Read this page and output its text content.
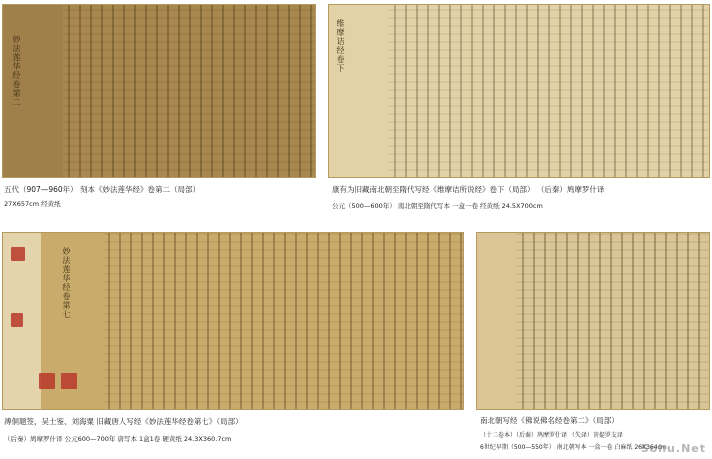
妙法莲华经卷第二
五代（907—960年） 刻本《妙法莲华经》卷第二（局部）
27X657cm 经黄纸
维摩诘经卷下
康有为旧藏南北朝至隋代写经《维摩诘所说经》卷下（局部） （后秦）鸠摩罗什译
公元（500—600年） 南北朝至隋代写本 一盒一卷 经黄纸 24.5X700cm
妙法莲华经卷第七
溥侗题签，吴士鉴、刘海粟 旧藏唐人写经《妙法莲华经卷第七》（局部）
（后秦）鸠摩罗什译 公元600—700年 唐写本 1盒1卷 硬黄纸 24.3X360.7cm
南北朝写经《佛说佛名经卷第二》（局部）
（十二卷本）（后秦）鸠摩罗什译 （失译）菩提罗支译
6世纪早期（500—550年） 南北朝写本 一盒一卷 白麻纸 26X364cm
Sohu.Net
